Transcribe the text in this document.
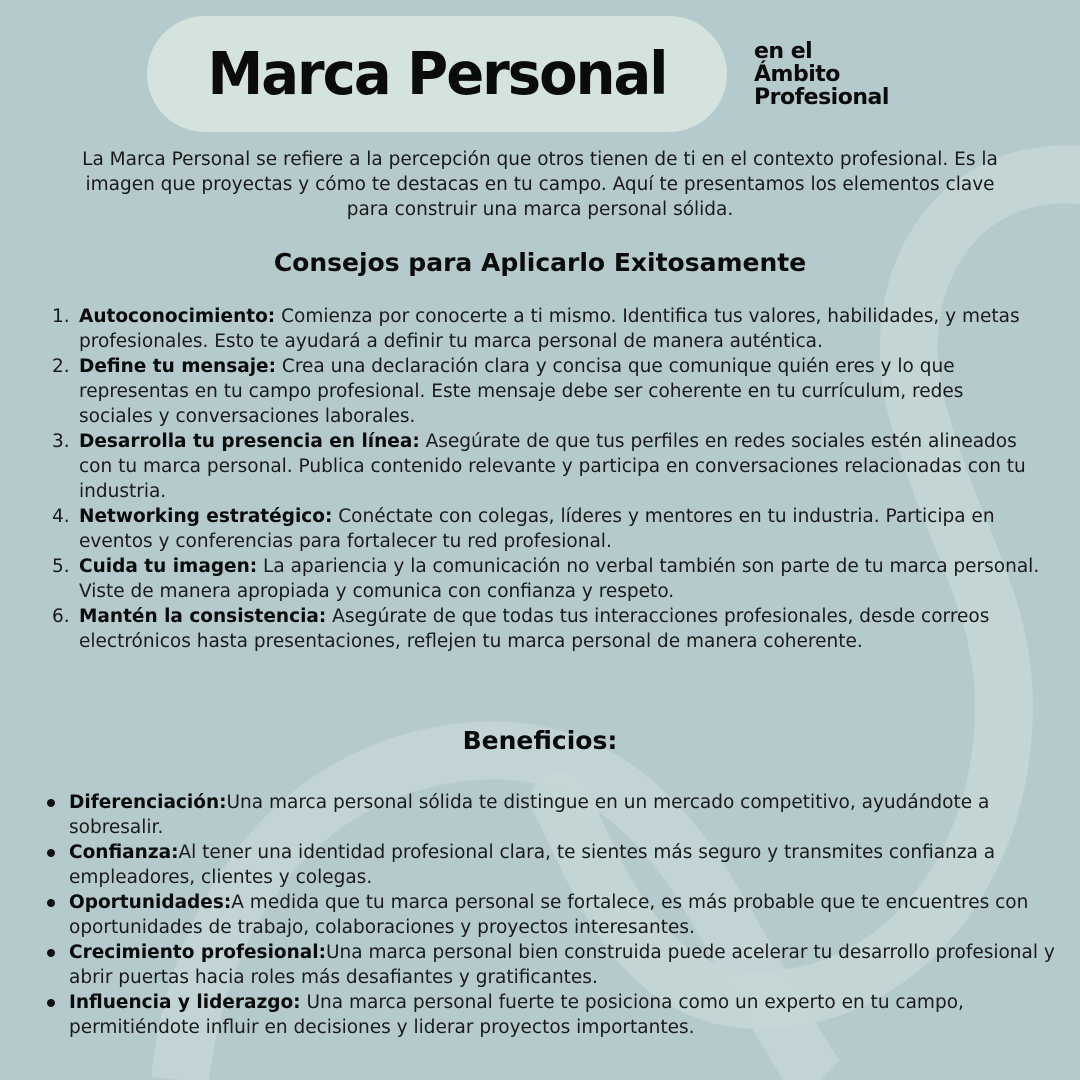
Marca Personal	en el
Ámbito
Profesional

La Marca Personal se refiere a la percepción que otros tienen de ti en el contexto profesional. Es la imagen que proyectas y cómo te destacas en tu campo. Aquí te presentamos los elementos clave para construir una marca personal sólida.

Consejos para Aplicarlo Exitosamente
1. Autoconocimiento: Comienza por conocerte a ti mismo. Identifica tus valores, habilidades, y metas profesionales. Esto te ayudará a definir tu marca personal de manera auténtica.
2. Define tu mensaje: Crea una declaración clara y concisa que comunique quién eres y lo que representas en tu campo profesional. Este mensaje debe ser coherente en tu currículum, redes sociales y conversaciones laborales.
3. Desarrolla tu presencia en línea: Asegúrate de que tus perfiles en redes sociales estén alineados con tu marca personal. Publica contenido relevante y participa en conversaciones relacionadas con tu industria.
4. Networking estratégico: Conéctate con colegas, líderes y mentores en tu industria. Participa en eventos y conferencias para fortalecer tu red profesional.
5. Cuida tu imagen: La apariencia y la comunicación no verbal también son parte de tu marca personal. Viste de manera apropiada y comunica con confianza y respeto.
6. Mantén la consistencia: Asegúrate de que todas tus interacciones profesionales, desde correos electrónicos hasta presentaciones, reflejen tu marca personal de manera coherente.
Beneficios:
Diferenciación:Una marca personal sólida te distingue en un mercado competitivo, ayudándote a sobresalir.
Confianza:Al tener una identidad profesional clara, te sientes más seguro y transmites confianza a empleadores, clientes y colegas.
Oportunidades:A medida que tu marca personal se fortalece, es más probable que te encuentres con oportunidades de trabajo, colaboraciones y proyectos interesantes.
Crecimiento profesional:Una marca personal bien construida puede acelerar tu desarrollo profesional y abrir puertas hacia roles más desafiantes y gratificantes.
Influencia y liderazgo: Una marca personal fuerte te posiciona como un experto en tu campo, permitiéndote influir en decisiones y liderar proyectos importantes.
